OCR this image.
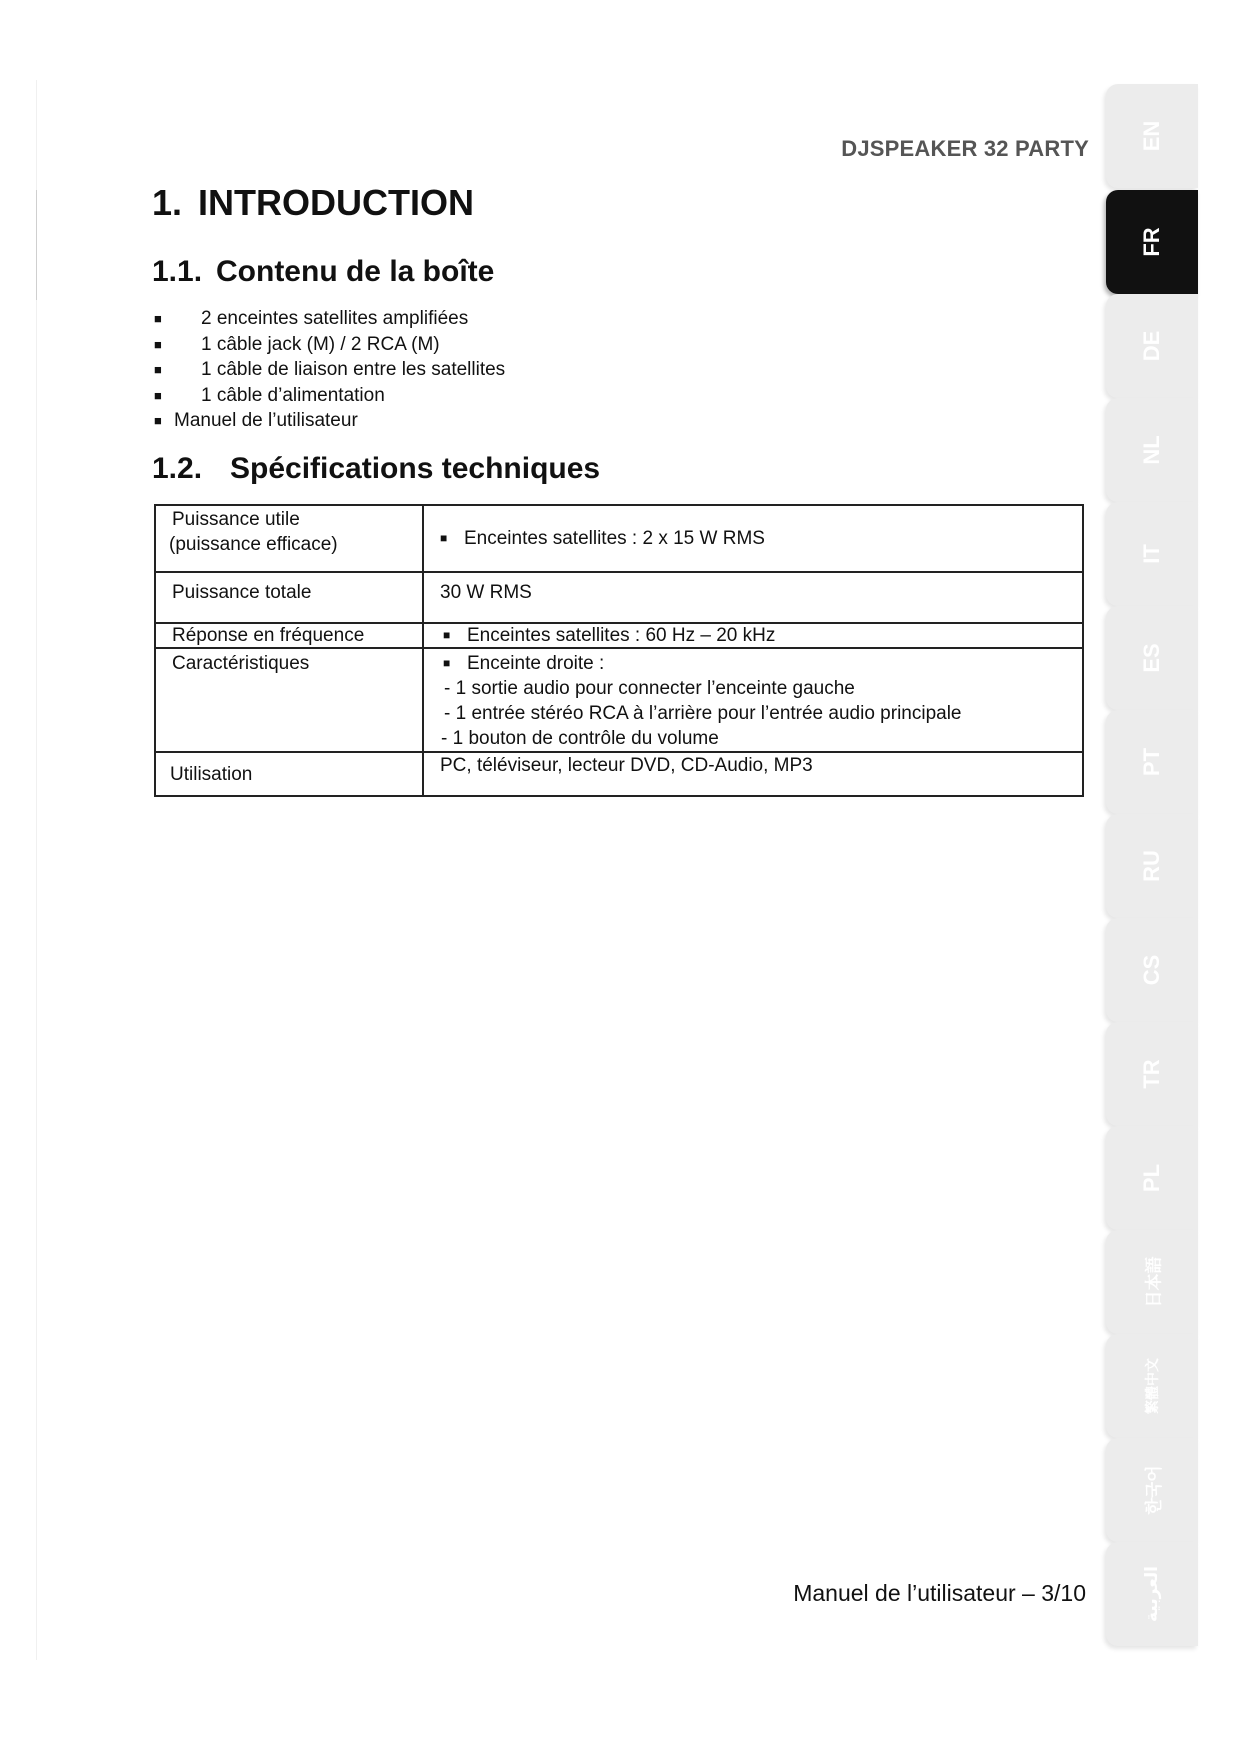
DJSPEAKER 32 PARTY
1. INTRODUCTION
1.1. Contenu de la boîte
■ 2 enceintes satellites amplifiées
■ 1 câble jack (M) / 2 RCA (M)
■ 1 câble de liaison entre les satellites
■ 1 câble d’alimentation
■ Manuel de l’utilisateur
1.2. Spécifications techniques
Puissance utile
(puissance efficace)	■ Enceintes satellites : 2 x 15 W RMS
Puissance totale	30 W RMS
Réponse en fréquence	■ Enceintes satellites : 60 Hz – 20 kHz
Caractéristiques	■ Enceinte droite :
- 1 sortie audio pour connecter l’enceinte gauche
- 1 entrée stéréo RCA à l’arrière pour l’entrée audio principale
- 1 bouton de contrôle du volume

Utilisation	PC, téléviseur, lecteur DVD, CD-Audio, MP3
Manuel de l’utilisateur – 3/10
EN
FR
DE
NL
IT
ES
PT
RU
CS
TR
PL
日本語
繁體中文
한국어
العربية
